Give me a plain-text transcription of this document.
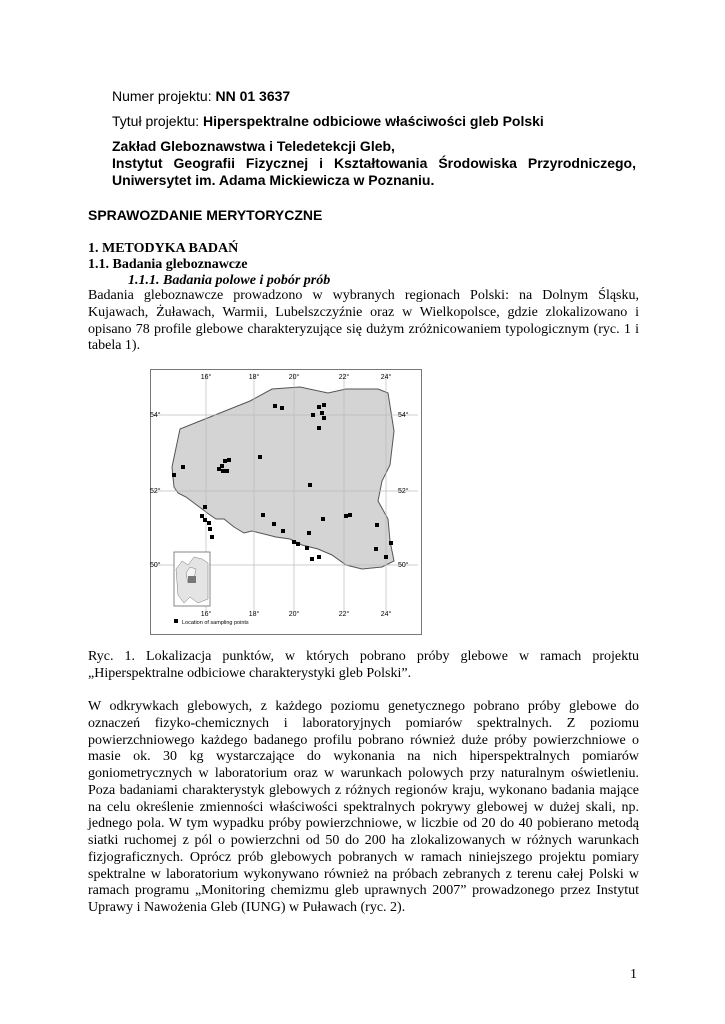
Numer projektu: NN 01 3637
Tytuł projektu: Hiperspektralne odbiciowe właściwości gleb Polski
Zakład Gleboznawstwa i Teledetekcji Gleb,
Instytut Geografii Fizycznej i Kształtowania Środowiska Przyrodniczego,
Uniwersytet im. Adama Mickiewicza w Poznaniu.
SPRAWOZDANIE MERYTORYCZNE
1. METODYKA BADAŃ
1.1. Badania gleboznawcze
1.1.1. Badania polowe i pobór prób
Badania gleboznawcze prowadzono w wybranych regionach Polski: na Dolnym Śląsku, Kujawach, Żuławach, Warmii, Lubelszczyźnie oraz w Wielkopolsce, gdzie zlokalizowano i opisano 78 profile glebowe charakteryzujące się dużym zróżnicowaniem typologicznym (ryc. 1 i tabela 1).
16°	18°	20°	22°	24°
16°	18°	20°	22°	24°
54°
52°
50°
54°
52°
50°
Location of sampling points
Ryc. 1. Lokalizacja punktów, w których pobrano próby glebowe w ramach projektu „Hiperspektralne odbiciowe charakterystyki gleb Polski”.
W odkrywkach glebowych, z każdego poziomu genetycznego pobrano próby glebowe do oznaczeń fizyko-chemicznych i laboratoryjnych pomiarów spektralnych. Z poziomu powierzchniowego każdego badanego profilu pobrano również duże próby powierzchniowe o masie ok. 30 kg wystarczające do wykonania na nich hiperspektralnych pomiarów goniometrycznych w laboratorium oraz w warunkach polowych przy naturalnym oświetleniu. Poza badaniami charakterystyk glebowych z różnych regionów kraju, wykonano badania mające na celu określenie zmienności właściwości spektralnych pokrywy glebowej w dużej skali, np. jednego pola. W tym wypadku próby powierzchniowe, w liczbie od 20 do 40 pobierano metodą siatki ruchomej z pól o powierzchni od 50 do 200 ha zlokalizowanych w różnych warunkach fizjograficznych. Oprócz prób glebowych pobranych w ramach niniejszego projektu pomiary spektralne w laboratorium wykonywano również na próbach zebranych z terenu całej Polski w ramach programu „Monitoring chemizmu gleb uprawnych 2007” prowadzonego przez Instytut Uprawy i Nawożenia Gleb (IUNG) w Puławach (ryc. 2).
1
